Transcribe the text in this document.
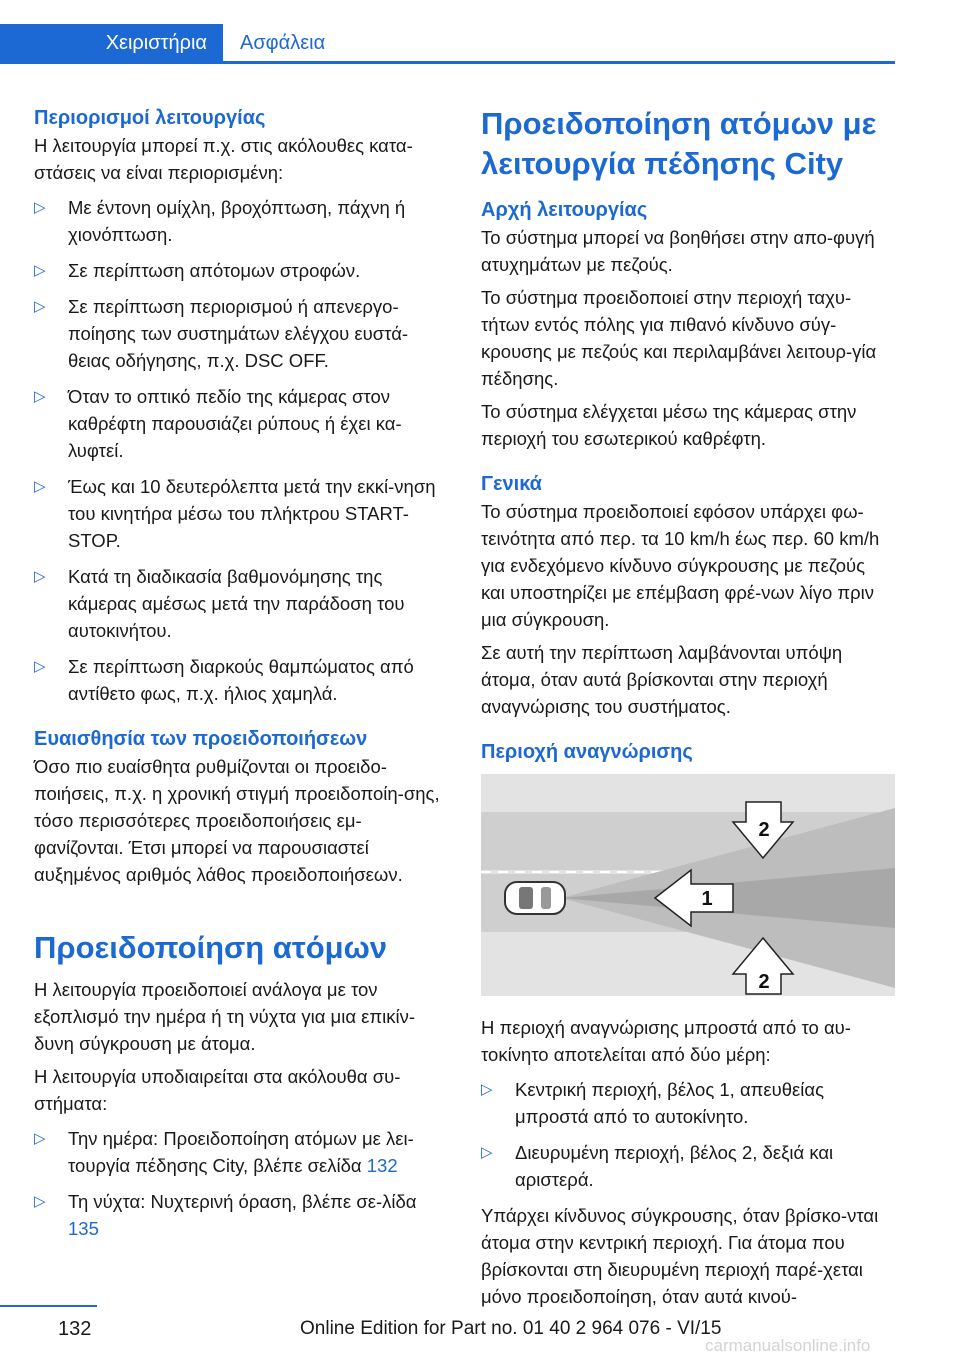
Χειριστήρια	Ασφάλεια

Περιορισμοί λειτουργίας

Η λειτουργία μπορεί π.χ. στις ακόλουθες κατα‐στάσεις να είναι περιορισμένη:

▷ Με έντονη ομίχλη, βροχόπτωση, πάχνη ή χιονόπτωση.
▷ Σε περίπτωση απότομων στροφών.
▷ Σε περίπτωση περιορισμού ή απενεργο‐ποίησης των συστημάτων ελέγχου ευστά‐θειας οδήγησης, π.χ. DSC OFF.
▷ Όταν το οπτικό πεδίο της κάμερας στον καθρέφτη παρουσιάζει ρύπους ή έχει κα‐λυφτεί.
▷ Έως και 10 δευτερόλεπτα μετά την εκκί‐νηση του κινητήρα μέσω του πλήκτρου START-STOP.
▷ Κατά τη διαδικασία βαθμονόμησης της κάμερας αμέσως μετά την παράδοση του αυτοκινήτου.
▷ Σε περίπτωση διαρκούς θαμπώματος από αντίθετο φως, π.χ. ήλιος χαμηλά.

Ευαισθησία των προειδοποιήσεων

Όσο πιο ευαίσθητα ρυθμίζονται οι προειδο‐ποιήσεις, π.χ. η χρονική στιγμή προειδοποίη‐σης, τόσο περισσότερες προειδοποιήσεις εμ‐φανίζονται. Έτσι μπορεί να παρουσιαστεί αυξημένος αριθμός λάθος προειδοποιήσεων.

Προειδοποίηση ατόμων

Η λειτουργία προειδοποιεί ανάλογα με τον εξοπλισμό την ημέρα ή τη νύχτα για μια επικίν‐δυνη σύγκρουση με άτομα.

Η λειτουργία υποδιαιρείται στα ακόλουθα συ‐στήματα:

▷ Την ημέρα: Προειδοποίηση ατόμων με λει‐τουργία πέδησης City, βλέπε σελίδα 132
▷ Τη νύχτα: Νυχτερινή όραση, βλέπε σε‐λίδα 135

Προειδοποίηση ατόμων με λειτουργία πέδησης City

Αρχή λειτουργίας

Το σύστημα μπορεί να βοηθήσει στην απο‐φυγή ατυχημάτων με πεζούς.

Το σύστημα προειδοποιεί στην περιοχή ταχυ‐τήτων εντός πόλης για πιθανό κίνδυνο σύγ‐κρουσης με πεζούς και περιλαμβάνει λειτουρ‐γία πέδησης.

Το σύστημα ελέγχεται μέσω της κάμερας στην περιοχή του εσωτερικού καθρέφτη.

Γενικά

Το σύστημα προειδοποιεί εφόσον υπάρχει φω‐τεινότητα από περ. τα 10 km/h έως περ. 60 km/h για ενδεχόμενο κίνδυνο σύγκρουσης με πεζούς και υποστηρίζει με επέμβαση φρέ‐νων λίγο πριν μια σύγκρουση.

Σε αυτή την περίπτωση λαμβάνονται υπόψη άτομα, όταν αυτά βρίσκονται στην περιοχή αναγνώρισης του συστήματος.

Περιοχή αναγνώρισης

2
1
2

Η περιοχή αναγνώρισης μπροστά από το αυ‐τοκίνητο αποτελείται από δύο μέρη:

▷ Κεντρική περιοχή, βέλος 1, απευθείας μπροστά από το αυτοκίνητο.
▷ Διευρυμένη περιοχή, βέλος 2, δεξιά και αριστερά.

Υπάρχει κίνδυνος σύγκρουσης, όταν βρίσκο‐νται άτομα στην κεντρική περιοχή. Για άτομα που βρίσκονται στη διευρυμένη περιοχή παρέ‐χεται μόνο προειδοποίηση, όταν αυτά κινού‐

132	Online Edition for Part no. 01 40 2 964 076 - VI/15
carmanualsonline.info
